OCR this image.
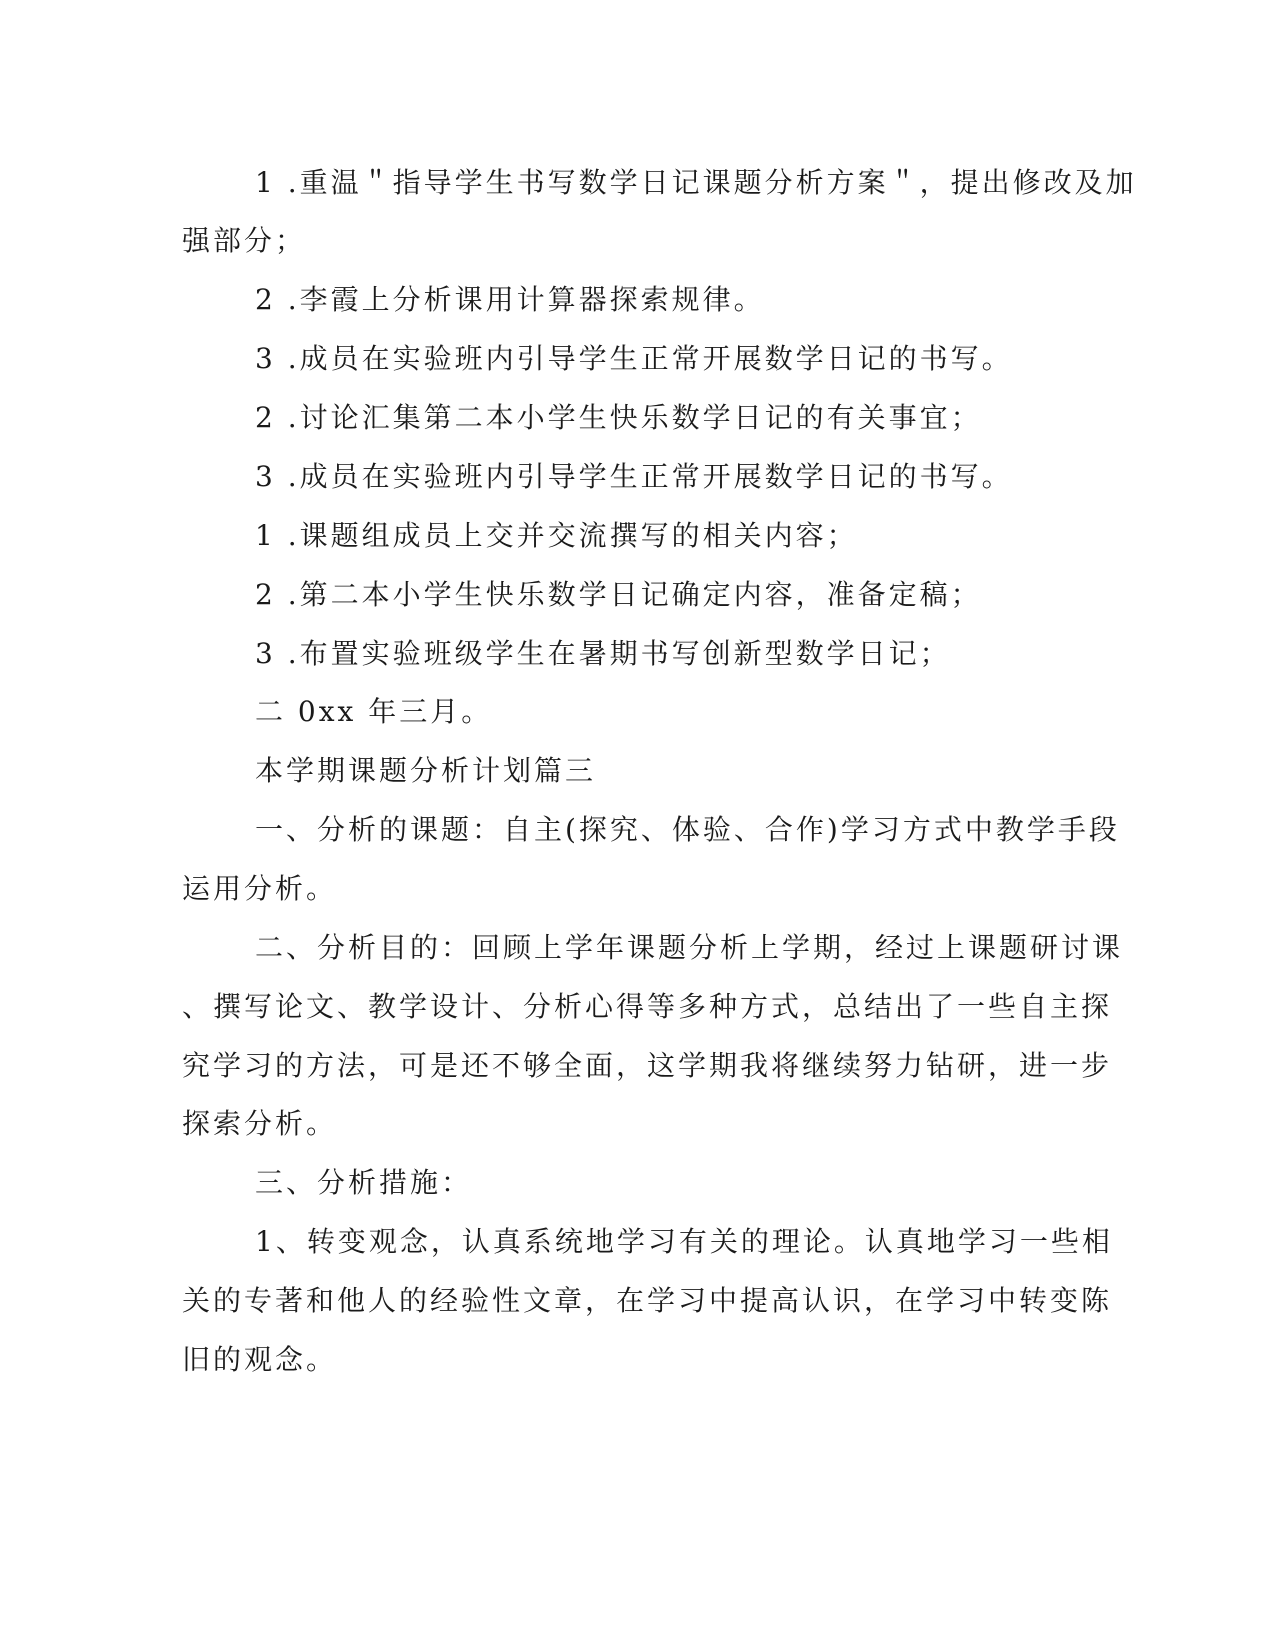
1 .重温＂指导学生书写数学日记课题分析方案＂，提出修改及加

强部分；

2 .李霞上分析课用计算器探索规律。

3 .成员在实验班内引导学生正常开展数学日记的书写。

2 .讨论汇集第二本小学生快乐数学日记的有关事宜；

3 .成员在实验班内引导学生正常开展数学日记的书写。

1 .课题组成员上交并交流撰写的相关内容；

2 .第二本小学生快乐数学日记确定内容，准备定稿；

3 .布置实验班级学生在暑期书写创新型数学日记；

二 0xx 年三月。

本学期课题分析计划篇三

一、分析的课题：自主(探究、体验、合作)学习方式中教学手段

运用分析。

二、分析目的：回顾上学年课题分析上学期，经过上课题研讨课

、撰写论文、教学设计、分析心得等多种方式，总结出了一些自主探

究学习的方法，可是还不够全面，这学期我将继续努力钻研，进一步

探索分析。

三、分析措施：

1、转变观念，认真系统地学习有关的理论。认真地学习一些相

关的专著和他人的经验性文章，在学习中提高认识，在学习中转变陈

旧的观念。
